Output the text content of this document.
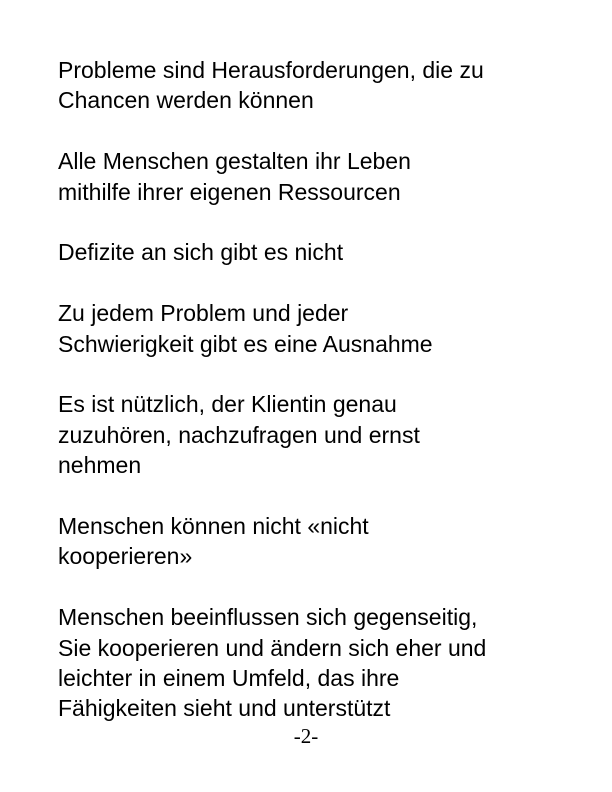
Probleme sind Herausforderungen, die zu
Chancen werden können

Alle Menschen gestalten ihr Leben
mithilfe ihrer eigenen Ressourcen

Defizite an sich gibt es nicht

Zu jedem Problem und jeder
Schwierigkeit gibt es eine Ausnahme

Es ist nützlich, der Klientin genau
zuzuhören, nachzufragen und ernst
nehmen

Menschen können nicht «nicht
kooperieren»

Menschen beeinflussen sich gegenseitig,
Sie kooperieren und ändern sich eher und
leichter in einem Umfeld, das ihre
Fähigkeiten sieht und unterstützt

-2-
